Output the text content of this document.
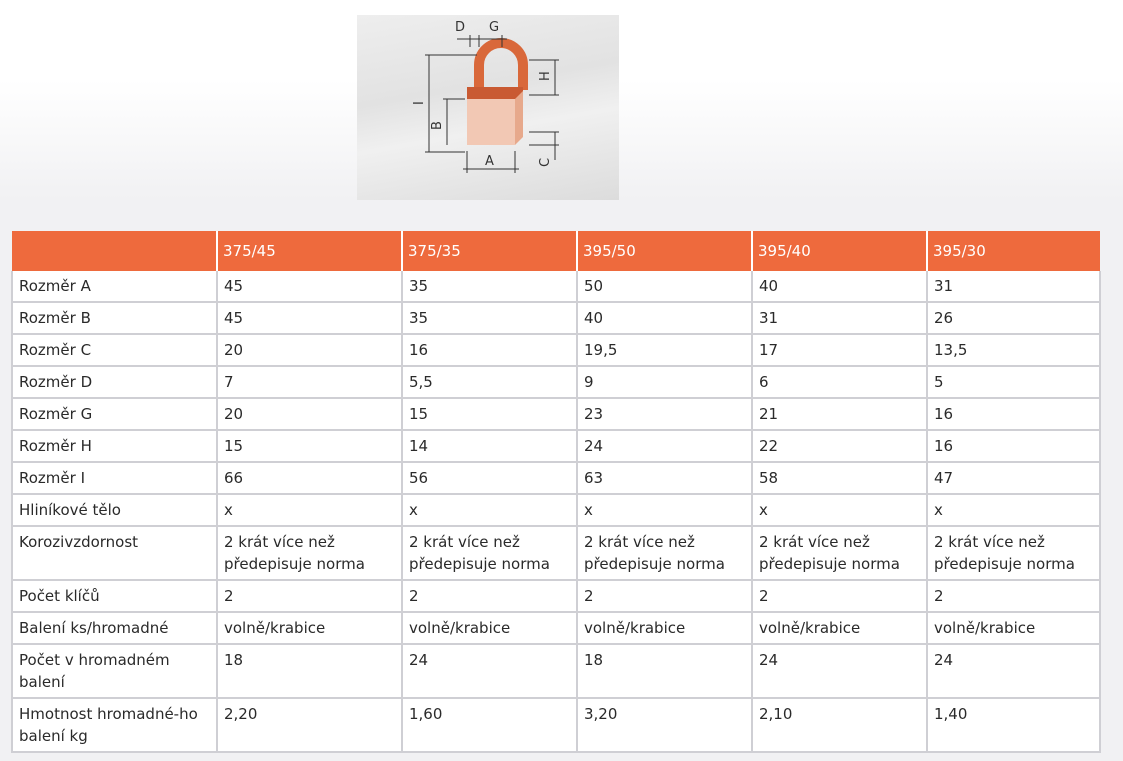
D G
I
B
H
C
A
	375/45	375/35	395/50	395/40	395/30
Rozměr A	45	35	50	40	31
Rozměr B	45	35	40	31	26
Rozměr C	20	16	19,5	17	13,5
Rozměr D	7	5,5	9	6	5
Rozměr G	20	15	23	21	16
Rozměr H	15	14	24	22	16
Rozměr I	66	56	63	58	47
Hliníkové tělo	x	x	x	x	x
Korozivzdornost	2 krát více než předepisuje norma	2 krát více než předepisuje norma	2 krát více než předepisuje norma	2 krát více než předepisuje norma	2 krát více než předepisuje norma
Počet klíčů	2	2	2	2	2
Balení ks/hromadné	volně/krabice	volně/krabice	volně/krabice	volně/krabice	volně/krabice
Počet v hromadném balení	18	24	18	24	24
Hmotnost hromadné-ho balení kg	2,20	1,60	3,20	2,10	1,40
